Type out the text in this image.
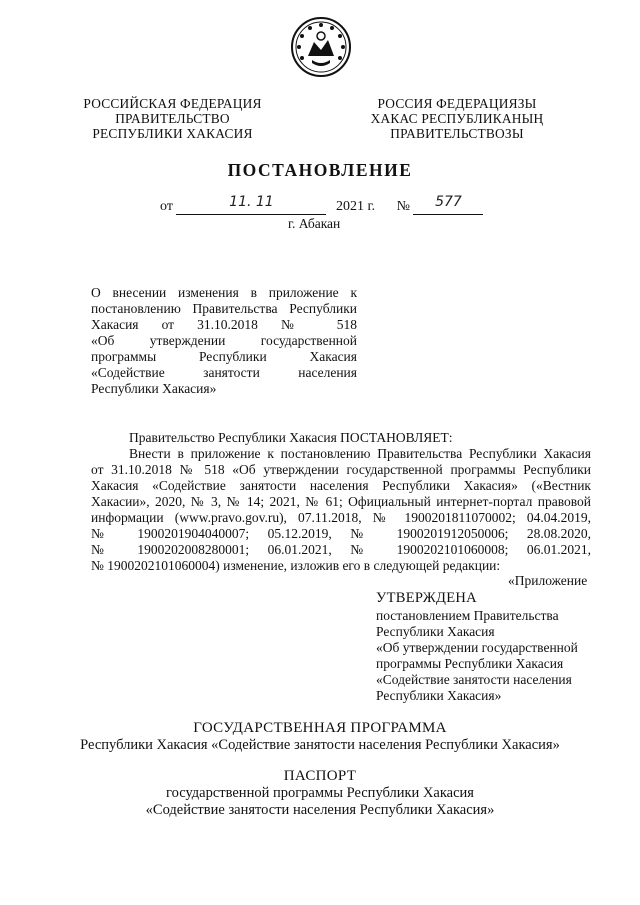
РОССИЙСКАЯ ФЕДЕРАЦИЯ
ПРАВИТЕЛЬСТВО
РЕСПУБЛИКИ ХАКАСИЯ
РОССИЯ ФЕДЕРАЦИЯЗЫ
ХАКАС РЕСПУБЛИКАНЫҢ
ПРАВИТЕЛЬСТВОЗЫ
ПОСТАНОВЛЕНИЕ
от	11. 11	2021 г. № 577
г. Абакан
О внесении изменения в приложение к
постановлению Правительства Республики
Хакасия от 31.10.2018 № 518
«Об утверждении государственной
программы Республики Хакасия
«Содействие занятости населения
Республики Хакасия»
Правительство Республики Хакасия ПОСТАНОВЛЯЕТ:
Внести в приложение к постановлению Правительства Республики Хакасия
от 31.10.2018 № 518 «Об утверждении государственной программы Республики
Хакасия «Содействие занятости населения Республики Хакасия» («Вестник
Хакасии», 2020, № 3, № 14; 2021, № 61; Официальный интернет-портал правовой
информации (www.pravo.gov.ru), 07.11.2018, № 1900201811070002; 04.04.2019,
№ 1900201904040007; 05.12.2019, № 1900201912050006; 28.08.2020,
№ 1900202008280001; 06.01.2021, № 1900202101060008; 06.01.2021,
№ 1900202101060004) изменение, изложив его в следующей редакции:
«Приложение
УТВЕРЖДЕНА
постановлением Правительства
Республики Хакасия
«Об утверждении государственной
программы Республики Хакасия
«Содействие занятости населения
Республики Хакасия»
ГОСУДАРСТВЕННАЯ ПРОГРАММА
Республики Хакасия «Содействие занятости населения Республики Хакасия»
ПАСПОРТ
государственной программы Республики Хакасия
«Содействие занятости населения Республики Хакасия»
